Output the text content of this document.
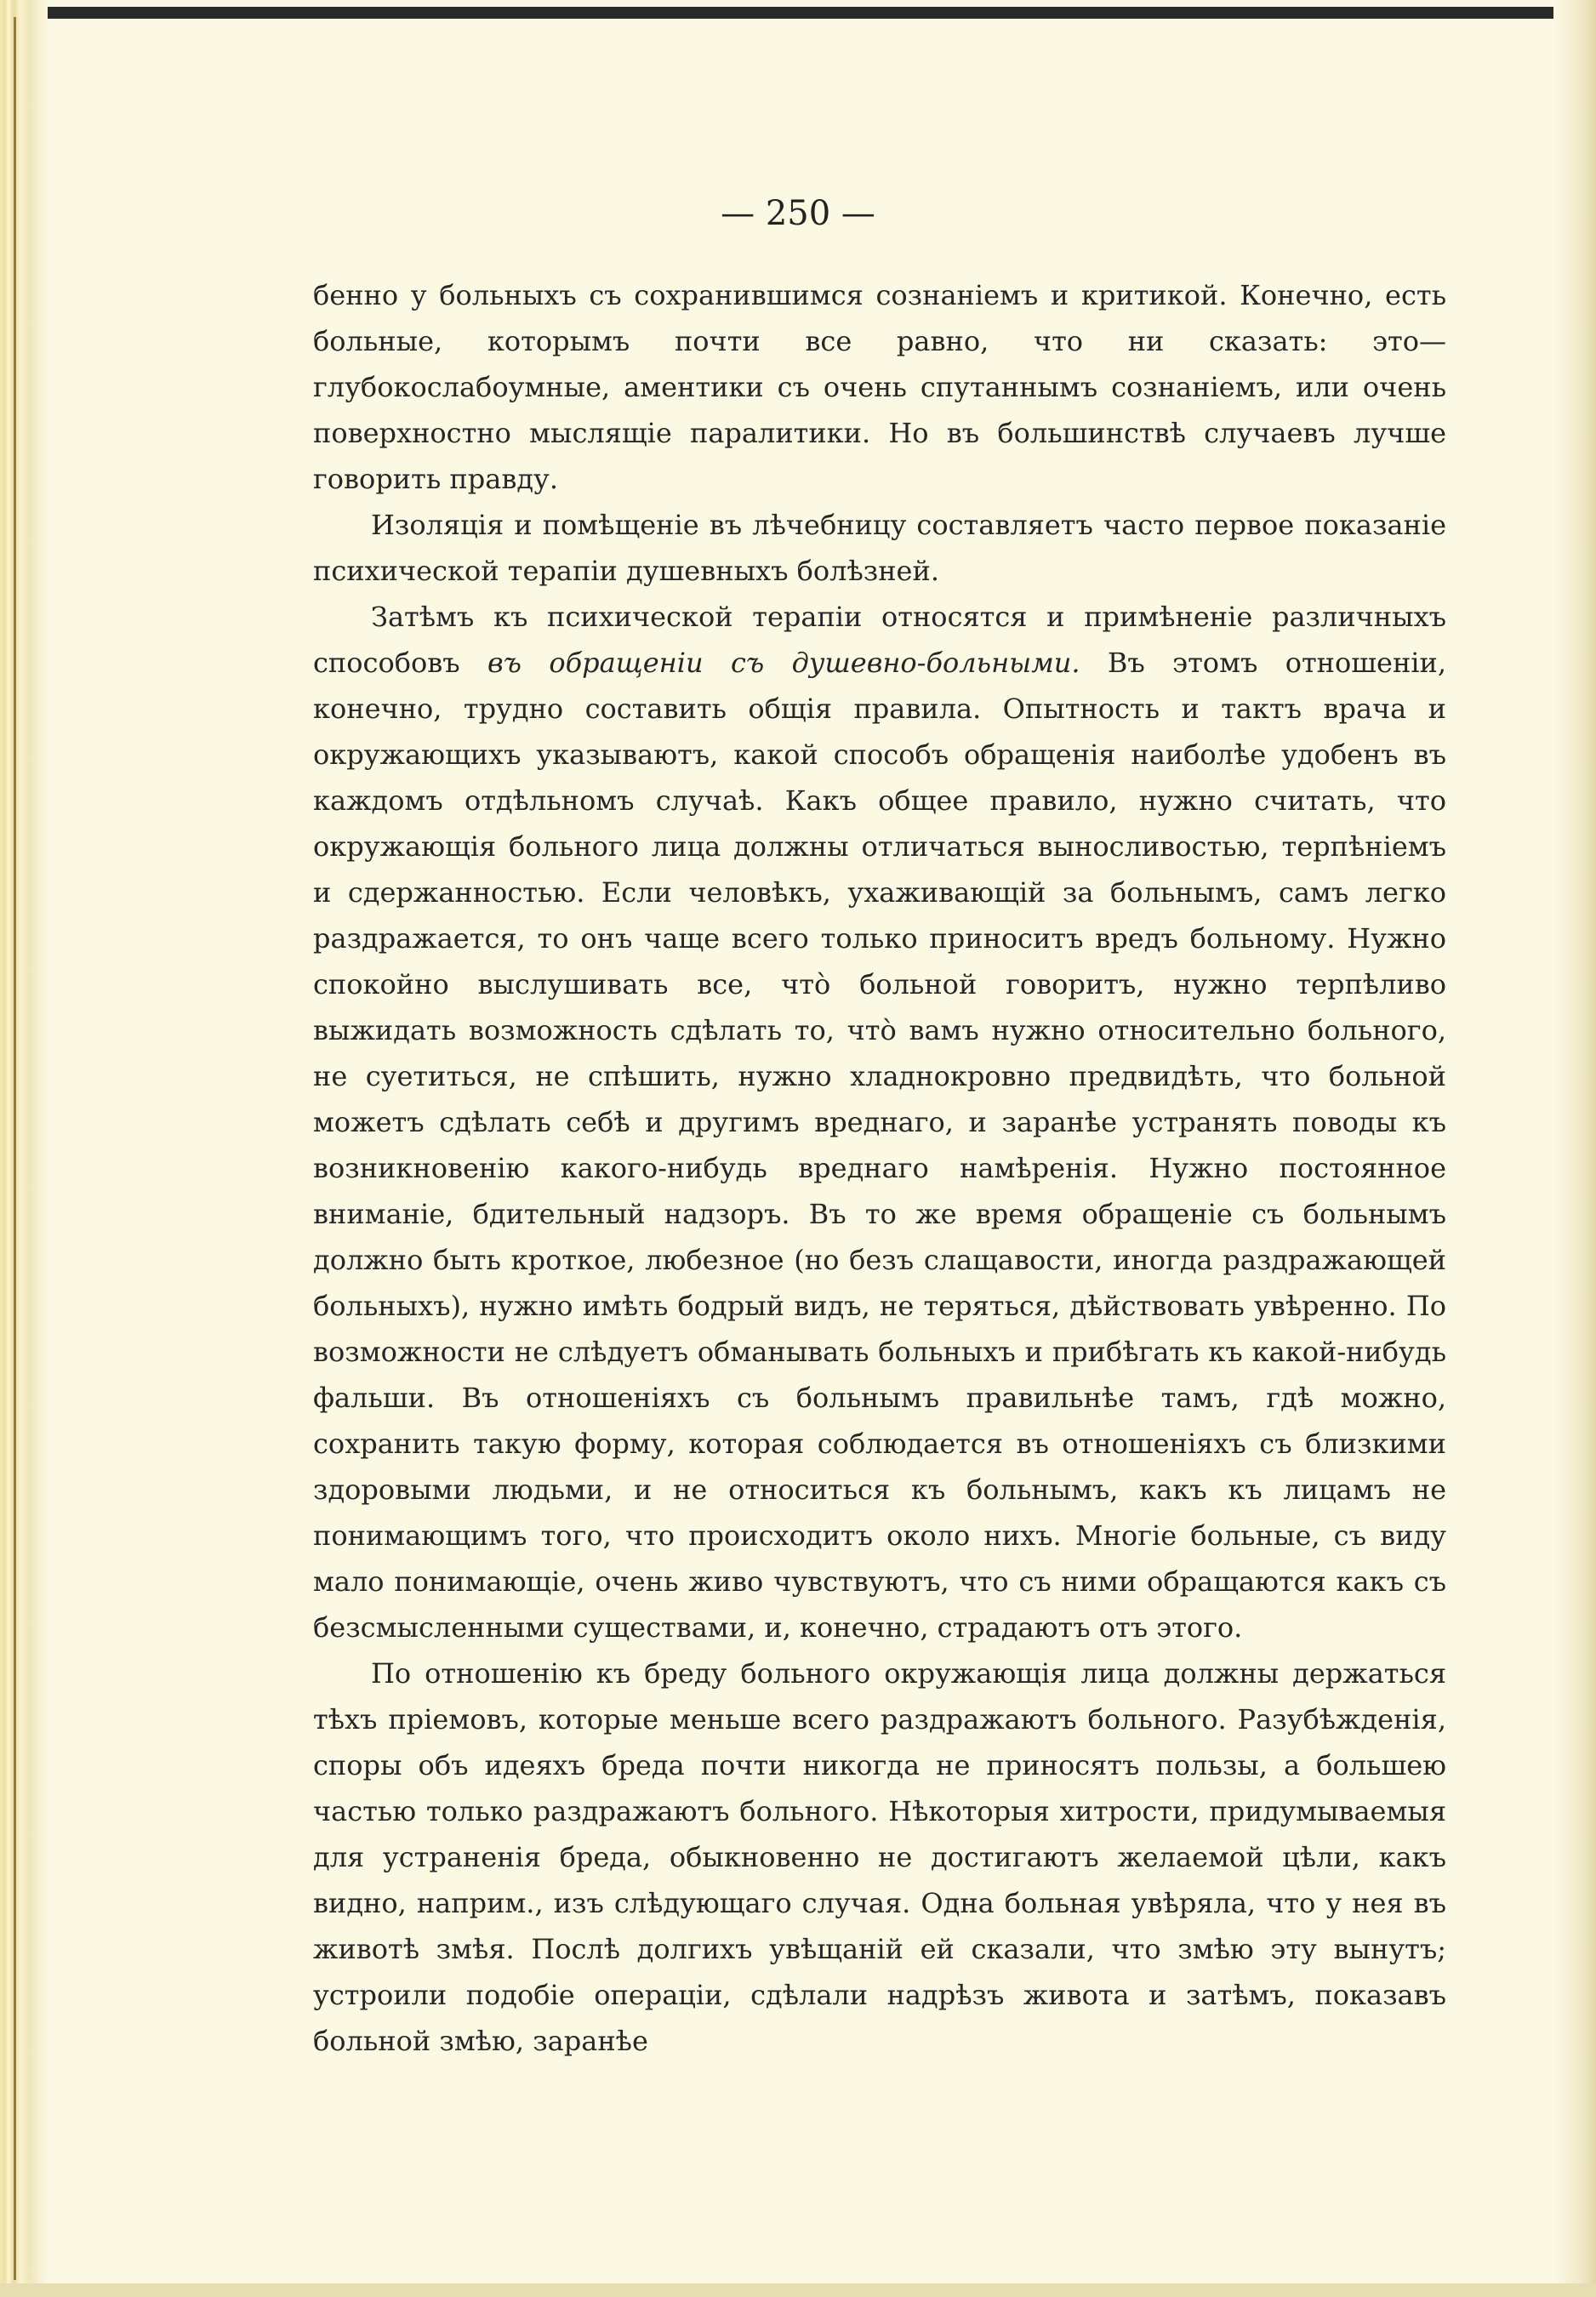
— 250 —

бенно у больныхъ съ сохранившимся сознаніемъ и критикой. Конечно, есть больные, которымъ почти все равно, что ни сказать: это—глубокослабоумные, аментики съ очень спутаннымъ сознаніемъ, или очень поверхностно мыслящіе паралитики. Но въ большинствѣ случаевъ лучше говорить правду.

Изоляція и помѣщеніе въ лѣчебницу составляетъ часто первое показаніе психической терапіи душевныхъ болѣзней.

Затѣмъ къ психической терапіи относятся и примѣненіе различныхъ способовъ въ обращеніи съ душевно-больными. Въ этомъ отношеніи, конечно, трудно составить общія правила. Опытность и тактъ врача и окружающихъ указываютъ, какой способъ обращенія наиболѣе удобенъ въ каждомъ отдѣльномъ случаѣ. Какъ общее правило, нужно считать, что окружающія больного лица должны отличаться выносливостью, терпѣніемъ и сдержанностью. Если человѣкъ, ухаживающій за больнымъ, самъ легко раздражается, то онъ чаще всего только приноситъ вредъ больному. Нужно спокойно выслушивать все, что̀ больной говоритъ, нужно терпѣливо выжидать возможность сдѣлать то, что̀ вамъ нужно относительно больного, не суетиться, не спѣшить, нужно хладнокровно предвидѣть, что больной можетъ сдѣлать себѣ и другимъ вреднаго, и заранѣе устранять поводы къ возникновенію какого-нибудь вреднаго намѣренія. Нужно постоянное вниманіе, бдительный надзоръ. Въ то же время обращеніе съ больнымъ должно быть кроткое, любезное (но безъ слащавости, иногда раздражающей больныхъ), нужно имѣть бодрый видъ, не теряться, дѣйствовать увѣренно. По возможности не слѣдуетъ обманывать больныхъ и прибѣгать къ какой-нибудь фальши. Въ отношеніяхъ съ больнымъ правильнѣе тамъ, гдѣ можно, сохранить такую форму, которая соблюдается въ отношеніяхъ съ близкими здоровыми людьми, и не относиться къ больнымъ, какъ къ лицамъ не понимающимъ того, что происходитъ около нихъ. Многіе больные, съ виду мало понимающіе, очень живо чувствуютъ, что съ ними обращаются какъ съ безсмысленными существами, и, конечно, страдаютъ отъ этого.

По отношенію къ бреду больного окружающія лица должны держаться тѣхъ пріемовъ, которые меньше всего раздражаютъ больного. Разубѣжденія, споры объ идеяхъ бреда почти никогда не приносятъ пользы, а большею частью только раздражаютъ больного. Нѣкоторыя хитрости, придумываемыя для устраненія бреда, обыкновенно не достигаютъ желаемой цѣли, какъ видно, наприм., изъ слѣдующаго случая. Одна больная увѣряла, что у нея въ животѣ змѣя. Послѣ долгихъ увѣщаній ей сказали, что змѣю эту вынутъ; устроили подобіе операціи, сдѣлали надрѣзъ живота и затѣмъ, показавъ больной змѣю, заранѣе
